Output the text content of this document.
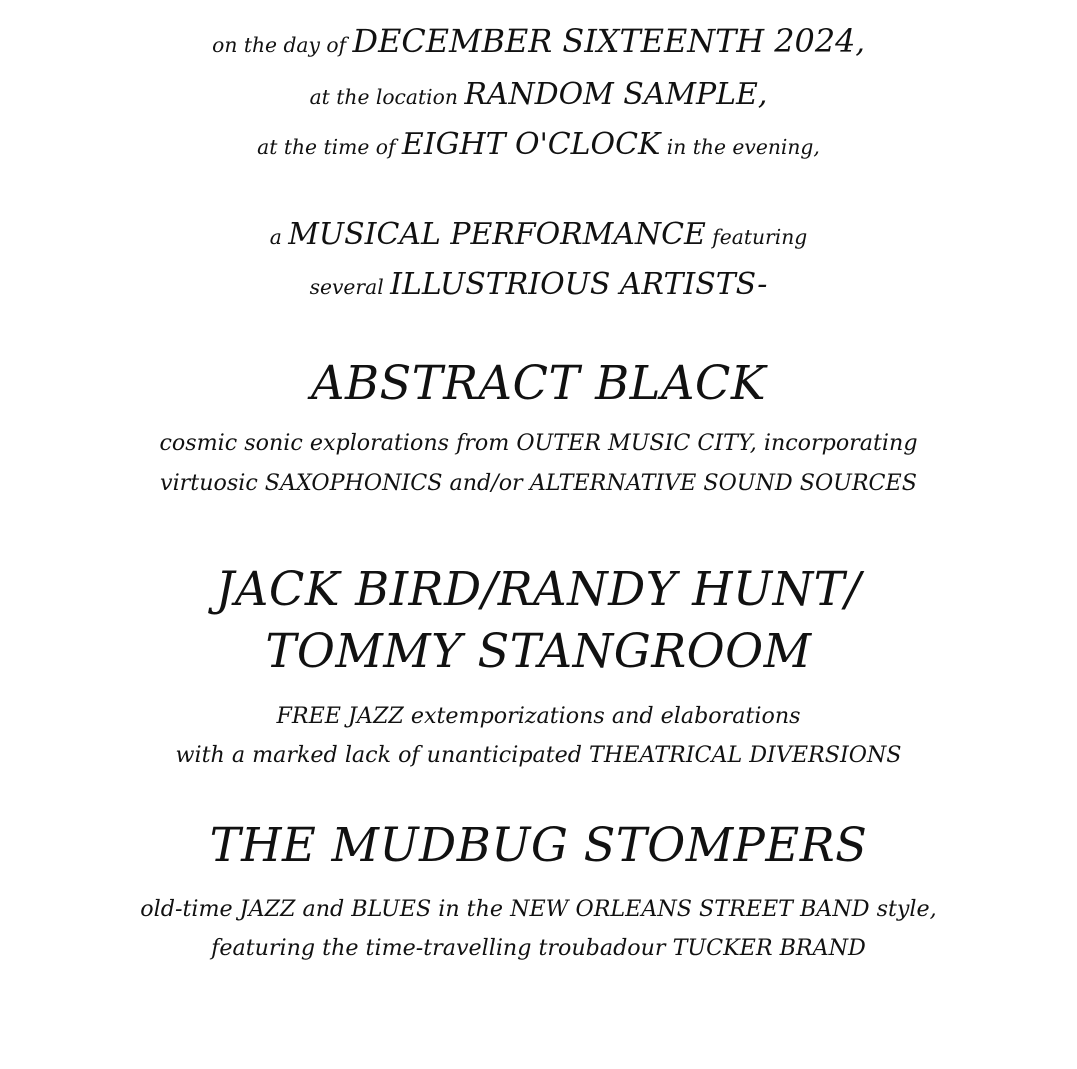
on the day of DECEMBER SIXTEENTH 2024,
at the location RANDOM SAMPLE,
at the time of EIGHT O'CLOCK in the evening,
a MUSICAL PERFORMANCE featuring
several ILLUSTRIOUS ARTISTS-
ABSTRACT BLACK
cosmic sonic explorations from OUTER MUSIC CITY, incorporating
virtuosic SAXOPHONICS and/or ALTERNATIVE SOUND SOURCES
JACK BIRD/RANDY HUNT/
TOMMY STANGROOM
FREE JAZZ extemporizations and elaborations
with a marked lack of unanticipated THEATRICAL DIVERSIONS
THE MUDBUG STOMPERS
old-time JAZZ and BLUES in the NEW ORLEANS STREET BAND style,
featuring the time-travelling troubadour TUCKER BRAND
